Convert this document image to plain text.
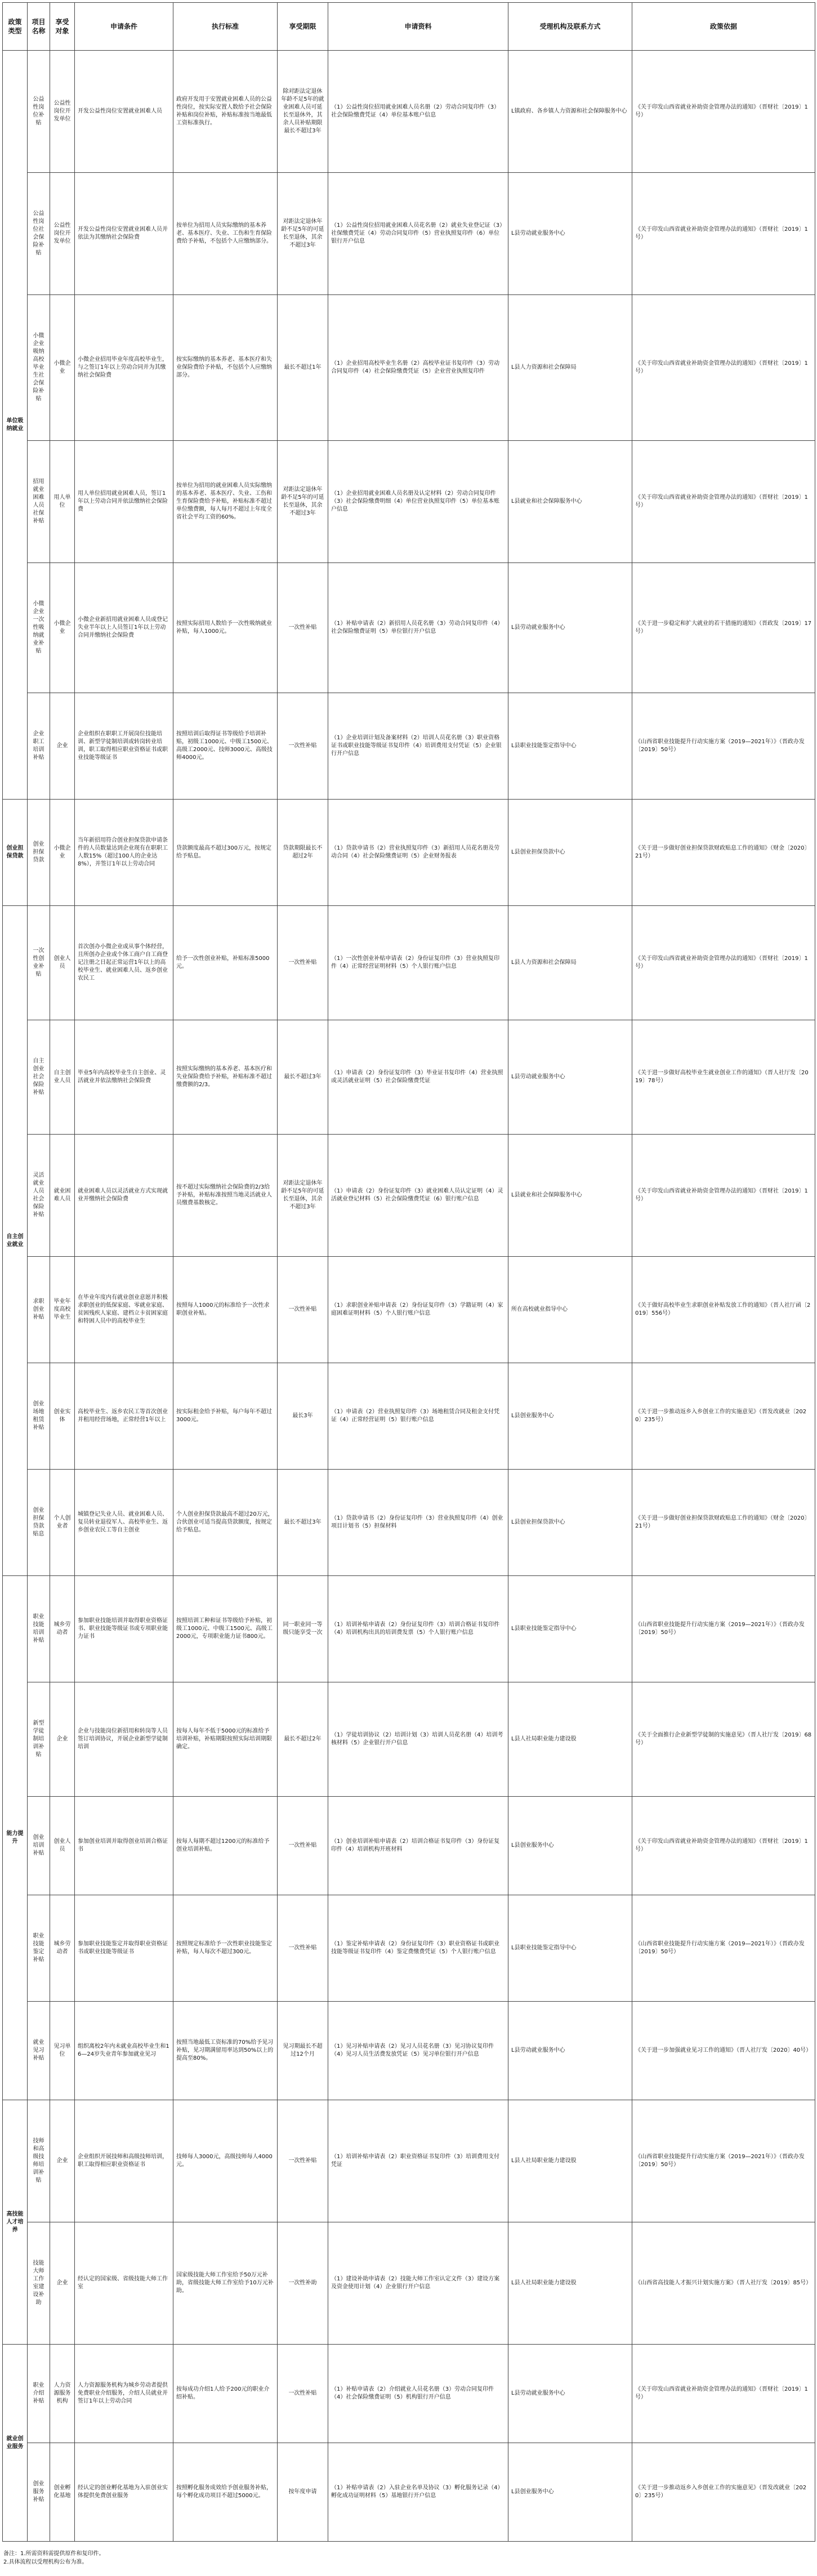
政策类型	项目名称	享受对象	申请条件	执行标准	享受期限	申请资料	受理机构及联系方式	政策依据
单位吸纳就业	公益性岗位补贴	公益性岗位开发单位	开发公益性岗位安置就业困难人员	政府开发用于安置就业困难人员的公益性岗位，按实际安置人数给予社会保险补贴和岗位补贴，补贴标准按当地最低工资标准执行。	除对距法定退休年龄不足5年的就业困难人员可延长至退休外，其余人员补贴期限最长不超过3年	（1）公益性岗位招用就业困难人员名册（2）劳动合同复印件（3）社会保险缴费凭证（4）单位基本账户信息	L镇政府、各乡镇人力资源和社会保障服务中心	《关于印发山西省就业补助资金管理办法的通知》（晋财社〔2019〕1号）
	公益性岗位社会保险补贴	公益性岗位开发单位	开发公益性岗位安置就业困难人员并依法为其缴纳社会保险费	按单位为招用人员实际缴纳的基本养老、基本医疗、失业、工伤和生育保险费给予补贴，不包括个人应缴纳部分。	对距法定退休年龄不足5年的可延长至退休，其余不超过3年	（1）公益性岗位招用就业困难人员花名册（2）就业失业登记证（3）社保缴费凭证（4）劳动合同复印件（5）营业执照复印件（6）单位银行开户信息	L县劳动就业服务中心	《关于印发山西省就业补助资金管理办法的通知》（晋财社〔2019〕1号）
	小微企业吸纳高校毕业生社会保险补贴	小微企业	小微企业招用毕业年度高校毕业生，与之签订1年以上劳动合同并为其缴纳社会保险费	按实际缴纳的基本养老、基本医疗和失业保险费给予补贴，不包括个人应缴纳部分。	最长不超过1年	（1）企业招用高校毕业生名册（2）高校毕业证书复印件（3）劳动合同复印件（4）社会保险缴费凭证（5）企业营业执照复印件	L县人力资源和社会保障局	《关于印发山西省就业补助资金管理办法的通知》（晋财社〔2019〕1号）
	招用就业困难人员社保补贴	用人单位	用人单位招用就业困难人员，签订1年以上劳动合同并依法缴纳社会保险费	按单位为招用的就业困难人员实际缴纳的基本养老、基本医疗、失业、工伤和生育保险费给予补贴，补贴标准不超过单位缴费额，每人每月不超过上年度全省社会平均工资的60%。	对距法定退休年龄不足5年的可延长至退休，其余不超过3年	（1）企业招用就业困难人员名册及认定材料（2）劳动合同复印件（3）社会保险缴费明细（4）单位营业执照复印件（5）单位基本账户信息	L县就业和社会保障服务中心	《关于印发山西省就业补助资金管理办法的通知》（晋财社〔2019〕1号）
	小微企业一次性吸纳就业补贴	小微企业	小微企业新招用就业困难人员或登记失业半年以上人员签订1年以上劳动合同并缴纳社会保险费	按照实际招用人数给予一次性吸纳就业补贴，每人1000元。	一次性补贴	（1）补贴申请表（2）新招用人员花名册（3）劳动合同复印件（4）社会保险缴费证明（5）单位银行开户信息	L县劳动就业服务中心	《关于进一步稳定和扩大就业的若干措施的通知》（晋政发〔2019〕17号）
	企业职工培训补贴	企业	企业组织在职职工开展岗位技能培训、新型学徒制培训或转岗转业培训，职工取得相应职业资格证书或职业技能等级证书	按照培训后取得证书等级给予培训补贴，初级工1000元、中级工1500元、高级工2000元、技师3000元、高级技师4000元。	一次性补贴	（1）企业培训计划及备案材料（2）培训人员花名册（3）职业资格证书或职业技能等级证书复印件（4）培训费用支付凭证（5）企业银行开户信息	L县职业技能鉴定指导中心	《山西省职业技能提升行动实施方案（2019—2021年）》（晋政办发〔2019〕50号）
创业担保贷款	创业担保贷款	小微企业	当年新招用符合创业担保贷款申请条件的人员数量达到企业现有在职职工人数15%（超过100人的企业达8%），并签订1年以上劳动合同	贷款额度最高不超过300万元，按规定给予贴息。	贷款期限最长不超过2年	（1）贷款申请书（2）营业执照复印件（3）新招用人员花名册及劳动合同（4）社会保险缴费证明（5）企业财务报表	L县创业担保贷款中心	《关于进一步做好创业担保贷款财政贴息工作的通知》（财金〔2020〕21号）
自主创业就业	一次性创业补贴	创业人员	首次创办小微企业或从事个体经营，且所创办企业或个体工商户自工商登记注册之日起正常运营1年以上的高校毕业生、就业困难人员、返乡创业农民工	给予一次性创业补贴，补贴标准5000元。	一次性补贴	（1）一次性创业补贴申请表（2）身份证复印件（3）营业执照复印件（4）正常经营证明材料（5）个人银行账户信息	L县人力资源和社会保障局	《关于印发山西省就业补助资金管理办法的通知》（晋财社〔2019〕1号）
	自主创业社会保险补贴	自主创业人员	毕业5年内高校毕业生自主创业、灵活就业并依法缴纳社会保险费	按照实际缴纳的基本养老、基本医疗和失业保险费给予补贴，补贴标准不超过缴费额的2/3。	最长不超过3年	（1）申请表（2）身份证复印件（3）毕业证书复印件（4）营业执照或灵活就业证明（5）社会保险缴费凭证	L县劳动就业服务中心	《关于进一步做好高校毕业生就业创业工作的通知》（晋人社厅发〔2019〕78号）
	灵活就业人员社会保险补贴	就业困难人员	就业困难人员以灵活就业方式实现就业并缴纳社会保险费	按不超过实际缴纳社会保险费的2/3给予补贴，补贴标准按照当地灵活就业人员缴费基数核定。	对距法定退休年龄不足5年的可延长至退休，其余不超过3年	（1）申请表（2）身份证复印件（3）就业困难人员认定证明（4）灵活就业登记材料（5）社会保险缴费凭证（6）银行账户信息	L县就业和社会保障服务中心	《关于印发山西省就业补助资金管理办法的通知》（晋财社〔2019〕1号）
	求职创业补贴	毕业年度高校毕业生	在毕业年度内有就业创业意愿并积极求职创业的低保家庭、零就业家庭、贫困残疾人家庭、建档立卡贫困家庭和特困人员中的高校毕业生	按照每人1000元的标准给予一次性求职创业补贴。	一次性补贴	（1）求职创业补贴申请表（2）身份证复印件（3）学籍证明（4）家庭困难证明材料（5）个人银行账户信息	所在高校就业指导中心	《关于做好高校毕业生求职创业补贴发放工作的通知》（晋人社厅函〔2019〕556号）
	创业场地租赁补贴	创业实体	高校毕业生、返乡农民工等首次创业并租用经营场地，正常经营1年以上	按实际租金给予补贴，每户每年不超过3000元。	最长3年	（1）申请表（2）营业执照复印件（3）场地租赁合同及租金支付凭证（4）正常经营证明（5）银行账户信息	L县创业服务中心	《关于进一步推动返乡入乡创业工作的实施意见》（晋发改就业〔2020〕235号）
	创业担保贷款贴息	个人创业者	城镇登记失业人员、就业困难人员、复员转业退役军人、高校毕业生、返乡创业农民工等自主创业	个人创业担保贷款最高不超过20万元，合伙创业可适当提高贷款额度，按规定给予贴息。	最长不超过3年	（1）贷款申请书（2）身份证复印件（3）营业执照复印件（4）创业项目计划书（5）担保材料	L县创业担保贷款中心	《关于进一步做好创业担保贷款财政贴息工作的通知》（财金〔2020〕21号）
能力提升	职业技能培训补贴	城乡劳动者	参加职业技能培训并取得职业资格证书、职业技能等级证书或专项职业能力证书	按照培训工种和证书等级给予补贴，初级工1000元、中级工1500元、高级工2000元，专项职业能力证书800元。	同一职业同一等级只能享受一次	（1）培训补贴申请表（2）身份证复印件（3）培训合格证书复印件（4）培训机构出具的培训费发票（5）个人银行账户信息	L县职业技能鉴定指导中心	《山西省职业技能提升行动实施方案（2019—2021年）》（晋政办发〔2019〕50号）
	新型学徒制培训补贴	企业	企业与技能岗位新招用和转岗等人员签订培训协议，开展企业新型学徒制培训	按每人每年不低于5000元的标准给予培训补贴，补贴期限按照实际培训期限确定。	最长不超过2年	（1）学徒培训协议（2）培训计划（3）培训人员花名册（4）培训考核材料（5）企业银行开户信息	L县人社局职业能力建设股	《关于全面推行企业新型学徒制的实施意见》（晋人社厅发〔2019〕68号）
	创业培训补贴	创业人员	参加创业培训并取得创业培训合格证书	按每人每期不超过1200元的标准给予创业培训补贴。	一次性补贴	（1）创业培训补贴申请表（2）培训合格证书复印件（3）身份证复印件（4）培训机构开班材料	L县创业服务中心	《关于印发山西省就业补助资金管理办法的通知》（晋财社〔2019〕1号）
	职业技能鉴定补贴	城乡劳动者	参加职业技能鉴定并取得职业资格证书或职业技能等级证书	按照规定标准给予一次性职业技能鉴定补贴，每人每次不超过300元。	一次性补贴	（1）鉴定补贴申请表（2）身份证复印件（3）职业资格证书或职业技能等级证书复印件（4）鉴定费缴费凭证（5）个人银行账户信息	L县职业技能鉴定指导中心	《山西省职业技能提升行动实施方案（2019—2021年）》（晋政办发〔2019〕50号）
	就业见习补贴	见习单位	组织离校2年内未就业高校毕业生和16—24岁失业青年参加就业见习	按照当地最低工资标准的70%给予见习补贴，见习期满留用率达到50%以上的提高至80%。	见习期最长不超过12个月	（1）见习补贴申请表（2）见习人员花名册（3）见习协议复印件（4）见习人员生活费发放凭证（5）见习单位银行开户信息	L县劳动就业服务中心	《关于进一步加强就业见习工作的通知》（晋人社厅发〔2020〕40号）
高技能人才培养	技师和高级技师培训补贴	企业	企业组织开展技师和高级技师培训，职工取得相应职业资格证书	技师每人3000元，高级技师每人4000元。	一次性补贴	（1）培训补贴申请表（2）职业资格证书复印件（3）培训费用支付凭证	L县人社局职业能力建设股	《山西省职业技能提升行动实施方案（2019—2021年）》（晋政办发〔2019〕50号）
	技能大师工作室建设补助	企业	经认定的国家级、省级技能大师工作室	国家级技能大师工作室给予50万元补助，省级技能大师工作室给予10万元补助。	一次性补助	（1）建设补助申请表（2）技能大师工作室认定文件（3）建设方案及资金使用计划（4）企业银行开户信息	L县人社局职业能力建设股	《山西省高技能人才振兴计划实施方案》（晋人社厅发〔2019〕85号）
就业创业服务	职业介绍补贴	人力资源服务机构	人力资源服务机构为城乡劳动者提供免费职业介绍服务，介绍人员就业并签订1年以上劳动合同	按每成功介绍1人给予200元的职业介绍补贴。	一次性补贴	（1）补贴申请表（2）介绍就业人员花名册（3）劳动合同复印件（4）社会保险缴费证明（5）机构银行开户信息	L县劳动就业服务中心	《关于印发山西省就业补助资金管理办法的通知》（晋财社〔2019〕1号）
	创业服务补贴	创业孵化基地	经认定的创业孵化基地为入驻创业实体提供免费创业服务	按照孵化服务成效给予创业服务补贴，每个孵化成功项目不超过5000元。	按年度申请	（1）补贴申请表（2）入驻企业名单及协议（3）孵化服务记录（4）孵化成功证明材料（5）基地银行开户信息	L县创业服务中心	《关于进一步推动返乡入乡创业工作的实施意见》（晋发改就业〔2020〕235号）
备注：1.所需资料需提供原件和复印件。
2.具体流程以受理机构公布为准。
